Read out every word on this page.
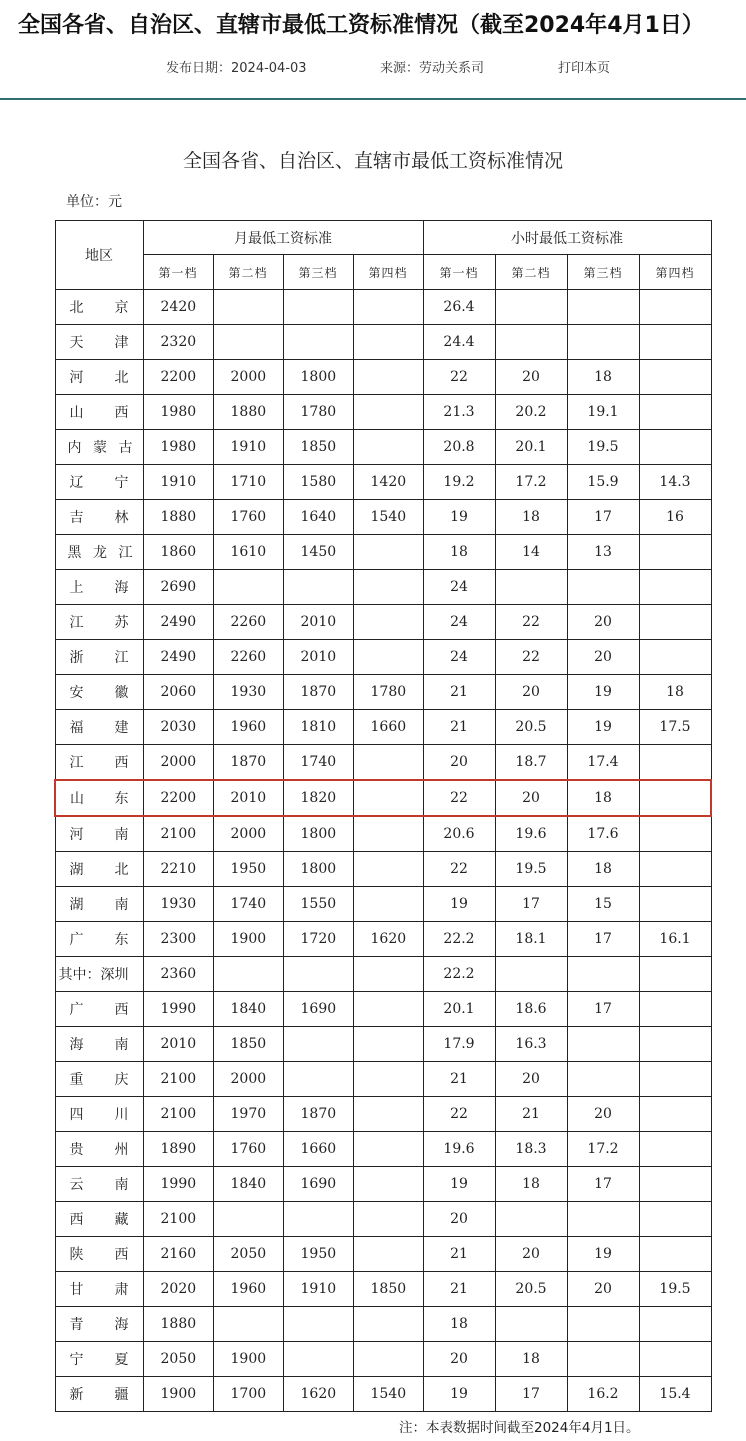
全国各省、自治区、直辖市最低工资标准情况（截至2024年4月1日）
发布日期：2024-04-03	来源：劳动关系司	打印本页
全国各省、自治区、直辖市最低工资标准情况
单位：元
地区	月最低工资标准				小时最低工资标准			
	第一档	第二档	第三档	第四档	第一档	第二档	第三档	第四档
北京	2420				26.4			
天津	2320				24.4			
河北	2200	2000	1800		22	20	18	
山西	1980	1880	1780		21.3	20.2	19.1	
内蒙古	1980	1910	1850		20.8	20.1	19.5	
辽宁	1910	1710	1580	1420	19.2	17.2	15.9	14.3
吉林	1880	1760	1640	1540	19	18	17	16
黑龙江	1860	1610	1450		18	14	13	
上海	2690				24			
江苏	2490	2260	2010		24	22	20	
浙江	2490	2260	2010		24	22	20	
安徽	2060	1930	1870	1780	21	20	19	18
福建	2030	1960	1810	1660	21	20.5	19	17.5
江西	2000	1870	1740		20	18.7	17.4	
山东	2200	2010	1820		22	20	18	
河南	2100	2000	1800		20.6	19.6	17.6	
湖北	2210	1950	1800		22	19.5	18	
湖南	1930	1740	1550		19	17	15	
广东	2300	1900	1720	1620	22.2	18.1	17	16.1
其中：深圳	2360				22.2			
广西	1990	1840	1690		20.1	18.6	17	
海南	2010	1850			17.9	16.3		
重庆	2100	2000			21	20		
四川	2100	1970	1870		22	21	20	
贵州	1890	1760	1660		19.6	18.3	17.2	
云南	1990	1840	1690		19	18	17	
西藏	2100				20			
陕西	2160	2050	1950		21	20	19	
甘肃	2020	1960	1910	1850	21	20.5	20	19.5
青海	1880				18			
宁夏	2050	1900			20	18		
新疆	1900	1700	1620	1540	19	17	16.2	15.4
注：本表数据时间截至2024年4月1日。
